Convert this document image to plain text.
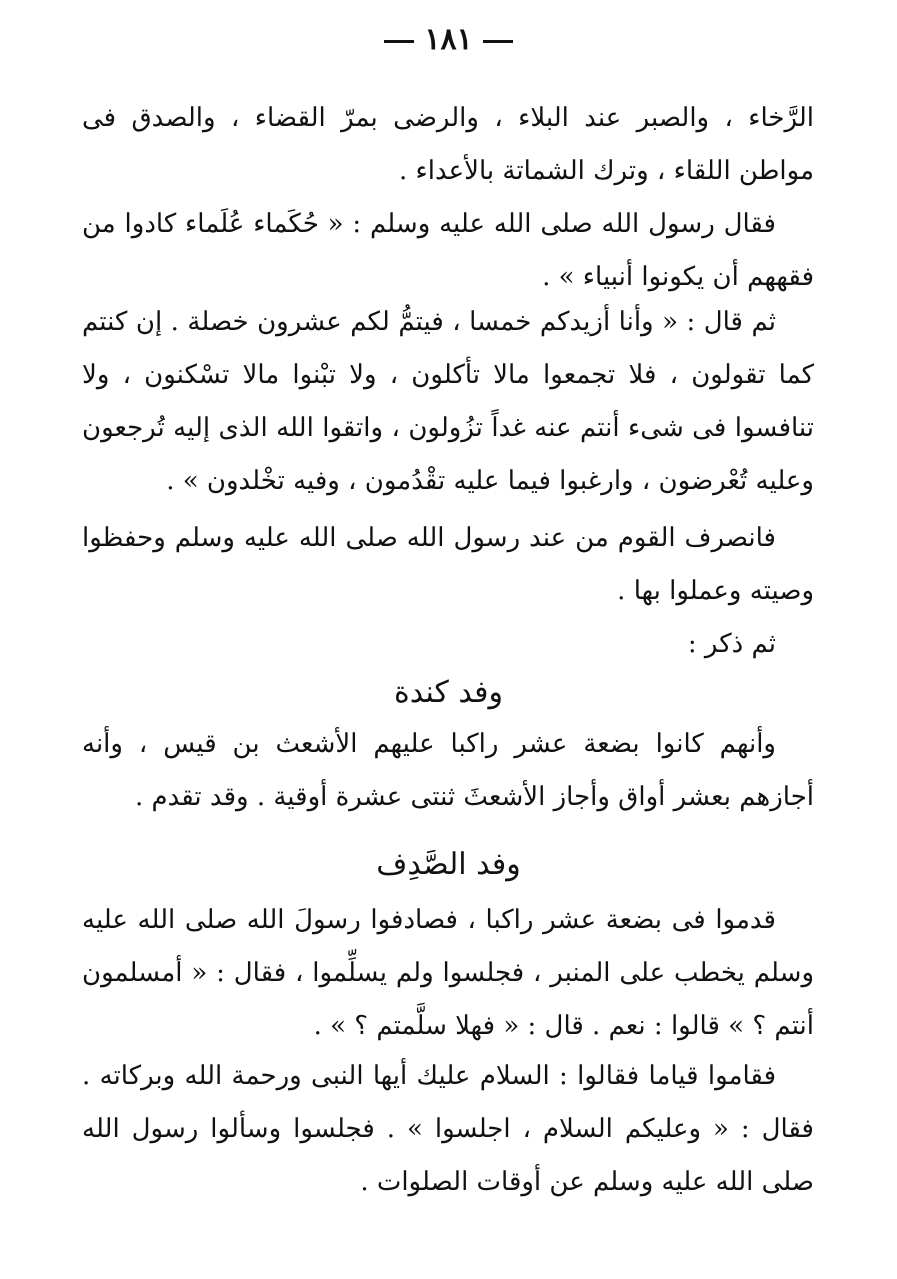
١٨١
الرَّخاء ، والصبر عند البلاء ، والرضى بمرّ القضاء ، والصدق فى مواطن اللقاء ، وترك الشماتة بالأعداء .
فقال رسول الله صلى الله عليه وسلم : « حُكَماء عُلَماء كادوا من فقههم أن يكونوا أنبياء » .
ثم قال : « وأنا أزيدكم خمسا ، فيتمُّ لكم عشرون خصلة . إن كنتم كما تقولون ، فلا تجمعوا مالا تأكلون ، ولا تبْنوا مالا تسْكنون ، ولا تنافسوا فى شىء أنتم عنه غداً تزُولون ، واتقوا الله الذى إليه تُرجعون وعليه تُعْرضون ، وارغبوا فيما عليه تقْدُمون ، وفيه تخْلدون » .
فانصرف القوم من عند رسول الله صلى الله عليه وسلم وحفظوا وصيته وعملوا بها .
ثم ذكر :
وفد كندة
وأنهم كانوا بضعة عشر راكبا عليهم الأشعث بن قيس ، وأنه أجازهم بعشر أواق وأجاز الأشعثَ ثنتى عشرة أوقية . وقد تقدم .
وفد الصَّدِف
قدموا فى بضعة عشر راكبا ، فصادفوا رسولَ الله صلى الله عليه وسلم يخطب على المنبر ، فجلسوا ولم يسلِّموا ، فقال : « أمسلمون أنتم ؟ » قالوا : نعم . قال : « فهلا سلَّمتم ؟ » .
فقاموا قياما فقالوا : السلام عليك أيها النبى ورحمة الله وبركاته . فقال : « وعليكم السلام ، اجلسوا » . فجلسوا وسألوا رسول الله صلى الله عليه وسلم عن أوقات الصلوات .
